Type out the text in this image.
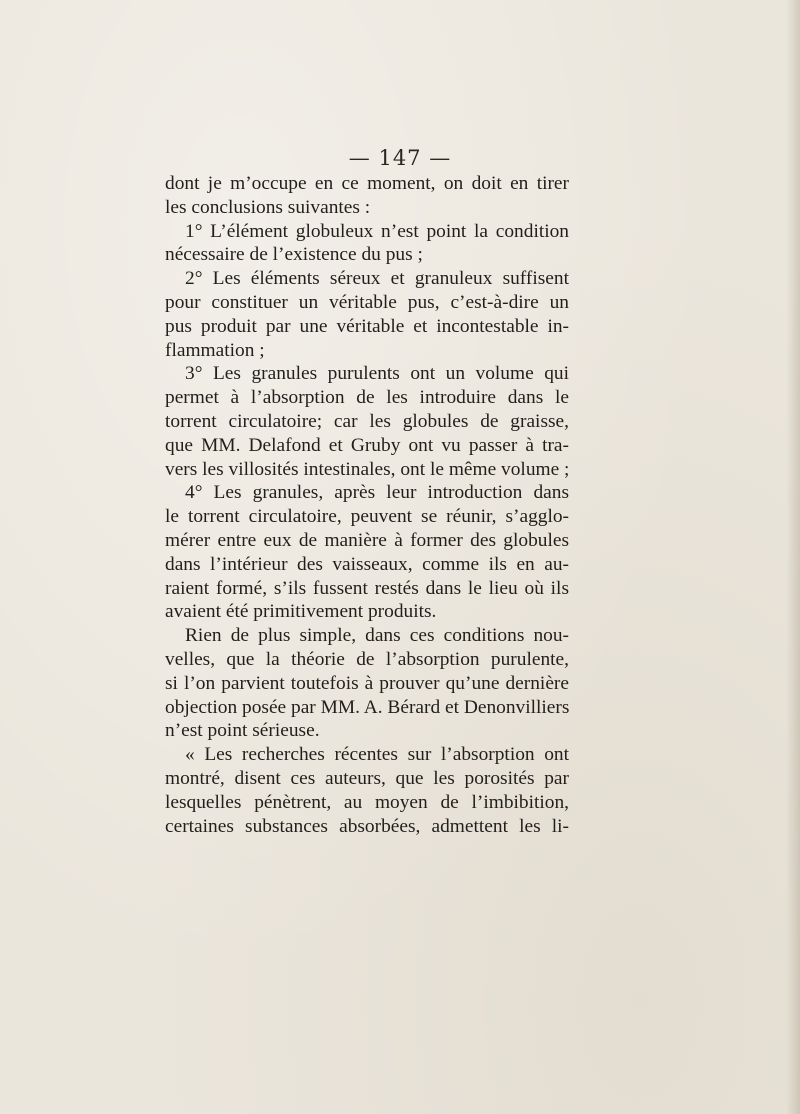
— 147 —
dont je m’occupe en ce moment, on doit en tirer
les conclusions suivantes :
1° L’élément globuleux n’est point la condition
nécessaire de l’existence du pus ;
2° Les éléments séreux et granuleux suffisent
pour constituer un véritable pus, c’est-à-dire un
pus produit par une véritable et incontestable in-
flammation ;
3° Les granules purulents ont un volume qui
permet à l’absorption de les introduire dans le
torrent circulatoire; car les globules de graisse,
que MM. Delafond et Gruby ont vu passer à tra-
vers les villosités intestinales, ont le même volume ;
4° Les granules, après leur introduction dans
le torrent circulatoire, peuvent se réunir, s’agglo-
mérer entre eux de manière à former des globules
dans l’intérieur des vaisseaux, comme ils en au-
raient formé, s’ils fussent restés dans le lieu où ils
avaient été primitivement produits.
Rien de plus simple, dans ces conditions nou-
velles, que la théorie de l’absorption purulente,
si l’on parvient toutefois à prouver qu’une dernière
objection posée par MM. A. Bérard et Denonvilliers
n’est point sérieuse.
« Les recherches récentes sur l’absorption ont
montré, disent ces auteurs, que les porosités par
lesquelles pénètrent, au moyen de l’imbibition,
certaines substances absorbées, admettent les li-
